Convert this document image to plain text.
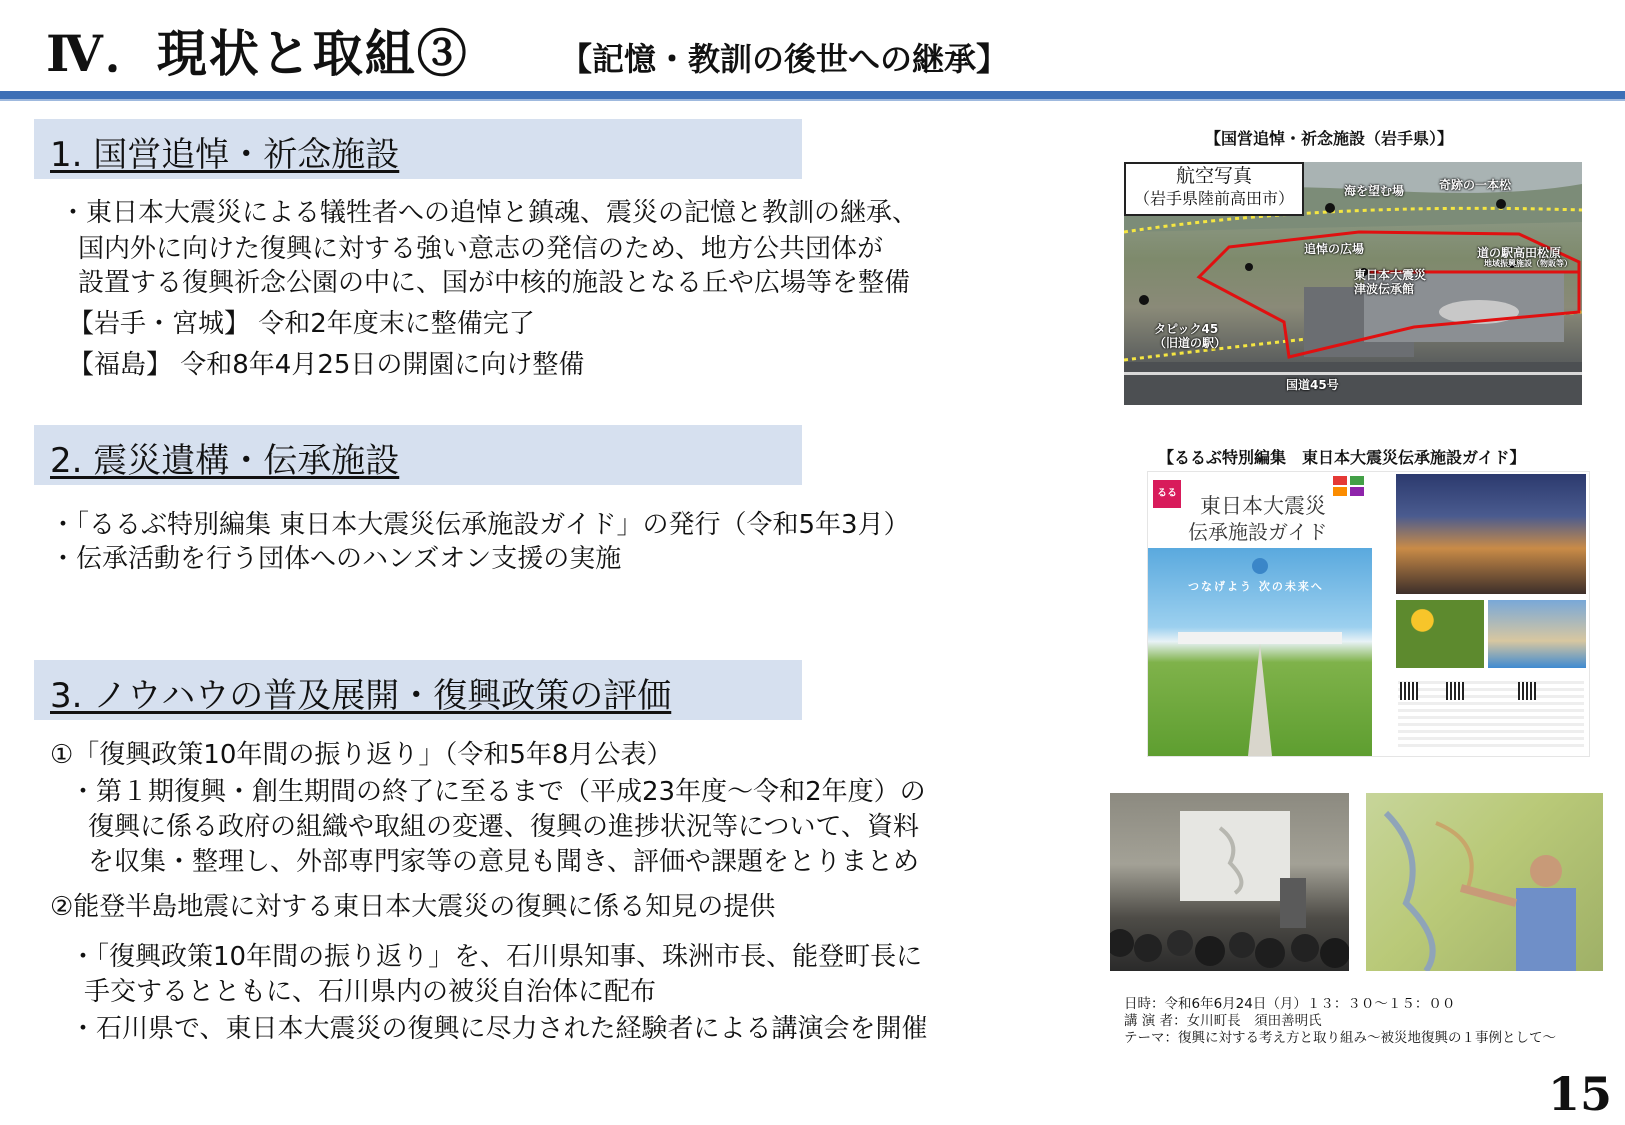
Ⅳ．現状と取組③	【記憶・教訓の後世への継承】
1. 国営追悼・祈念施設
・東日本大震災による犠牲者への追悼と鎮魂、震災の記憶と教訓の継承、
国内外に向けた復興に対する強い意志の発信のため、地方公共団体が
設置する復興祈念公園の中に、国が中核的施設となる丘や広場等を整備
【岩手・宮城】 令和2年度末に整備完了
【福島】 令和8年4月25日の開園に向け整備
2. 震災遺構・伝承施設
・「るるぶ特別編集 東日本大震災伝承施設ガイド」の発行（令和5年3月）
・伝承活動を行う団体へのハンズオン支援の実施
3. ノウハウの普及展開・復興政策の評価
①「復興政策10年間の振り返り」（令和5年8月公表）
・第１期復興・創生期間の終了に至るまで（平成23年度～令和2年度）の
復興に係る政府の組織や取組の変遷、復興の進捗状況等について、資料
を収集・整理し、外部専門家等の意見も聞き、評価や課題をとりまとめ
②能登半島地震に対する東日本大震災の復興に係る知見の提供
・「復興政策10年間の振り返り」を、石川県知事、珠洲市長、能登町長に
手交するとともに、石川県内の被災自治体に配布
・石川県で、東日本大震災の復興に尽力された経験者による講演会を開催
【国営追悼・祈念施設（岩手県）】
海を望む場	奇跡の一本松
追悼の広場	道の駅高田松原
地域振興施設（物販等）
東日本大震災
津波伝承館
タピック45
（旧道の駅）
国道45号
航空写真
（岩手県陸前高田市）
【るるぶ特別編集　東日本大震災伝承施設ガイド】
るるぶ
東日本大震災
伝承施設ガイド
つなげよう 次の未来へ
日時：令和6年6月24日（月）１３：３０～１５：００
講 演 者：女川町長　須田善明氏
テーマ：復興に対する考え方と取り組み～被災地復興の１事例として～
15
